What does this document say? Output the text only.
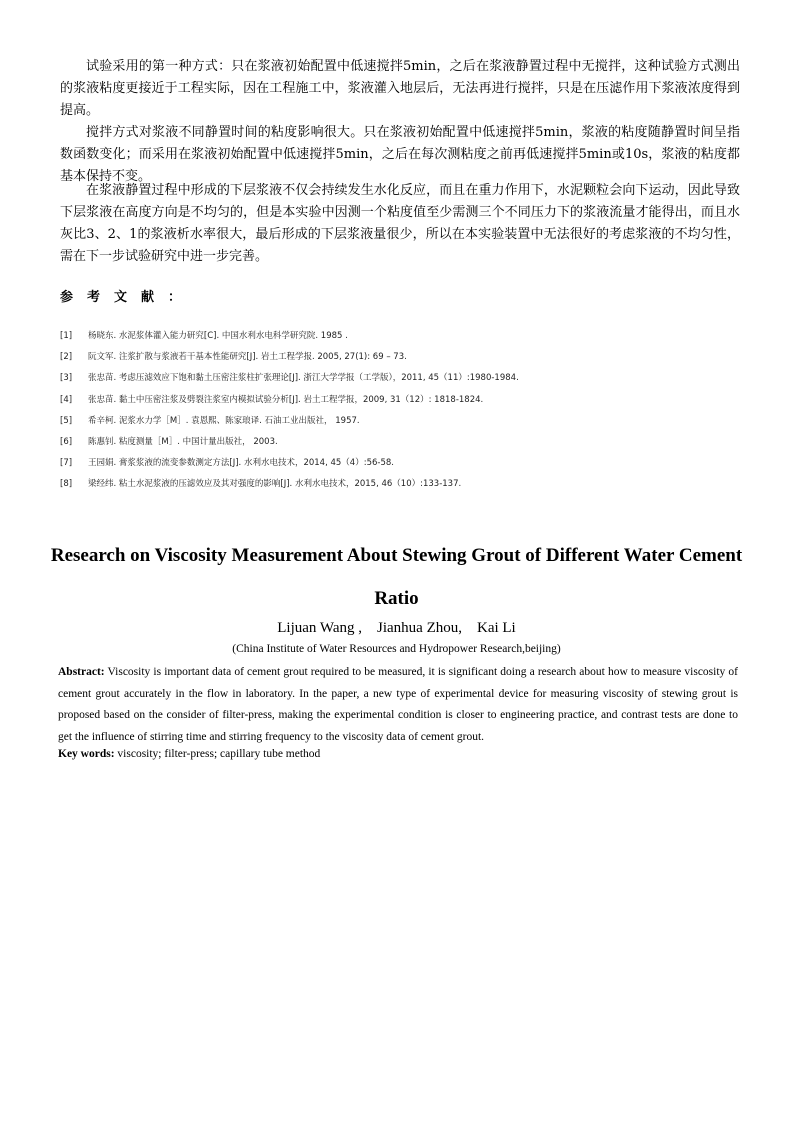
试验采用的第一种方式：只在浆液初始配置中低速搅拌5min，之后在浆液静置过程中无搅拌，这种试验方式测出的浆液粘度更接近于工程实际，因在工程施工中，浆液灌入地层后，无法再进行搅拌，只是在压滤作用下浆液浓度得到提高。

搅拌方式对浆液不同静置时间的粘度影响很大。只在浆液初始配置中低速搅拌5min，浆液的粘度随静置时间呈指数函数变化；而采用在浆液初始配置中低速搅拌5min，之后在每次测粘度之前再低速搅拌5min或10s，浆液的粘度都基本保持不变。

在浆液静置过程中形成的下层浆液不仅会持续发生水化反应，而且在重力作用下，水泥颗粒会向下运动，因此导致下层浆液在高度方向是不均匀的，但是本实验中因测一个粘度值至少需测三个不同压力下的浆液流量才能得出，而且水灰比3、2、1的浆液析水率很大，最后形成的下层浆液量很少，所以在本实验装置中无法很好的考虑浆液的不均匀性，需在下一步试验研究中进一步完善。

参考文献：
[1] 杨晓东. 水泥浆体灌入能力研究[C]. 中国水利水电科学研究院. 1985 .
[2] 阮文军. 注浆扩散与浆液若干基本性能研究[J]. 岩土工程学报. 2005, 27(1): 69 – 73.
[3] 张忠苗. 考虑压滤效应下饱和黏土压密注浆柱扩张理论[J]. 浙江大学学报（工学版），2011, 45（11）:1980-1984.
[4] 张忠苗. 黏土中压密注浆及劈裂注浆室内模拟试验分析[J]. 岩土工程学报，2009, 31（12）: 1818-1824.
[5] 希辛柯. 泥浆水力学［M］. 袁恩熙、陈家琅译. 石油工业出版社， 1957.
[6] 陈惠钊. 粘度测量［M］. 中国计量出版社， 2003.
[7] 王园娟. 膏浆浆液的流变参数测定方法[J]. 水利水电技术，2014, 45（4）:56-58.
[8] 梁经纬. 粘土水泥浆液的压滤效应及其对强度的影响[J]. 水利水电技术，2015, 46（10）:133-137.
Research on Viscosity Measurement About Stewing Grout of Different Water Cement
Ratio
Lijuan Wang ,    Jianhua Zhou,    Kai Li
(China Institute of Water Resources and Hydropower Research,beijing)

Abstract: Viscosity is important data of cement grout required to be measured, it is significant doing a research about how to measure viscosity of cement grout accurately in the flow in laboratory. In the paper, a new type of experimental device for measuring viscosity of stewing grout is proposed based on the consider of filter-press, making the experimental condition is closer to engineering practice, and contrast tests are done to get the influence of stirring time and stirring frequency to the viscosity data of cement grout.

Key words: viscosity; filter-press; capillary tube method
